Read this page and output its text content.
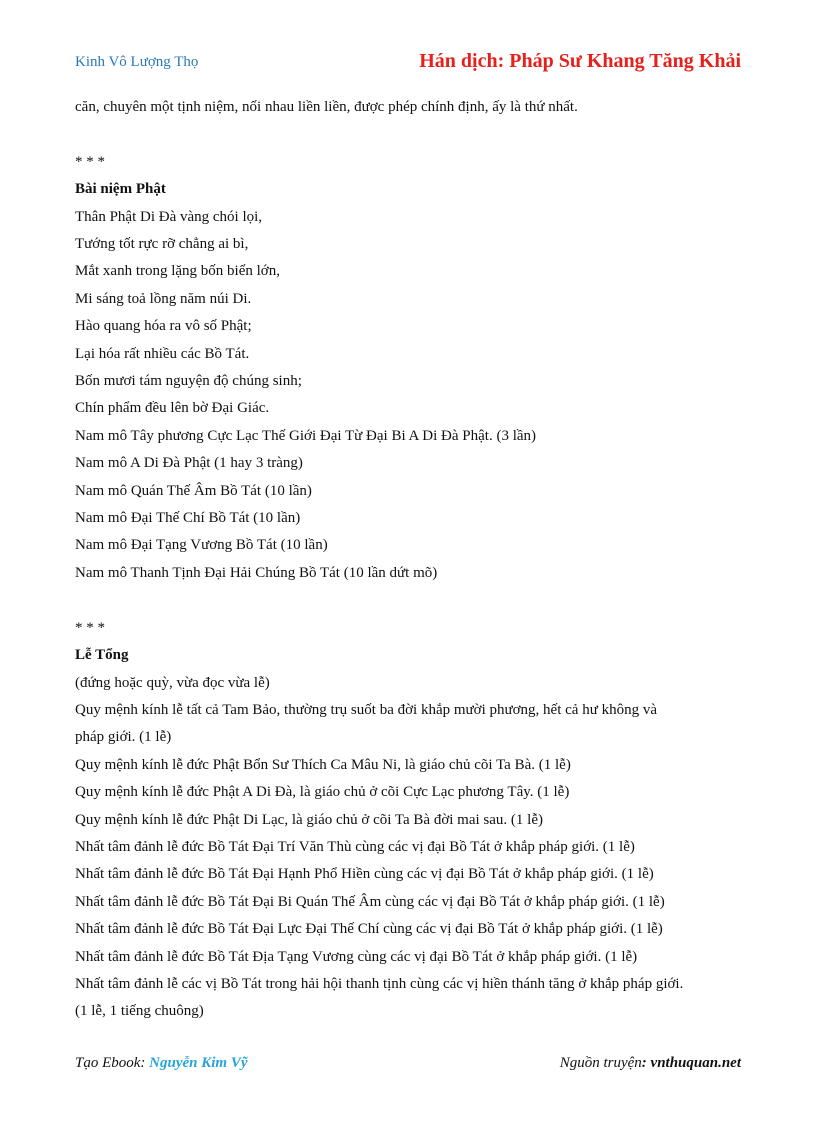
Kinh Vô Lượng Thọ	Hán dịch: Pháp Sư Khang Tăng Khải

căn, chuyên một tịnh niệm, nối nhau liền liền, được phép chính định, ấy là thứ nhất.

* * *

Bài niệm Phật

Thân Phật Di Đà vàng chói lọi,

Tướng tốt rực rỡ chẳng ai bì,

Mắt xanh trong lặng bốn biển lớn,

Mi sáng toả lồng năm núi Di.

Hào quang hóa ra vô số Phật;

Lại hóa rất nhiều các Bồ Tát.

Bốn mươi tám nguyện độ chúng sinh;

Chín phẩm đều lên bờ Đại Giác.

Nam mô Tây phương Cực Lạc Thế Giới Đại Từ Đại Bi A Di Đà Phật. (3 lần)

Nam mô A Di Đà Phật (1 hay 3 tràng)

Nam mô Quán Thế Âm Bồ Tát (10 lần)

Nam mô Đại Thế Chí Bồ Tát (10 lần)

Nam mô Đại Tạng Vương Bồ Tát (10 lần)

Nam mô Thanh Tịnh Đại Hải Chúng Bồ Tát (10 lần dứt mõ)

* * *

Lễ Tổng

(đứng hoặc quỳ, vừa đọc vừa lễ)

Quy mệnh kính lễ tất cả Tam Bảo, thường trụ suốt ba đời khắp mười phương, hết cả hư không và

pháp giới. (1 lễ)

Quy mệnh kính lễ đức Phật Bổn Sư Thích Ca Mâu Ni, là giáo chủ cõi Ta Bà. (1 lễ)

Quy mệnh kính lễ đức Phật A Di Đà, là giáo chủ ở cõi Cực Lạc phương Tây. (1 lễ)

Quy mệnh kính lễ đức Phật Di Lạc, là giáo chủ ở cõi Ta Bà đời mai sau. (1 lễ)

Nhất tâm đảnh lễ đức Bồ Tát Đại Trí Văn Thù cùng các vị đại Bồ Tát ở khắp pháp giới. (1 lễ)

Nhất tâm đảnh lễ đức Bồ Tát Đại Hạnh Phổ Hiền cùng các vị đại Bồ Tát ở khắp pháp giới. (1 lễ)

Nhất tâm đảnh lễ đức Bồ Tát Đại Bi Quán Thế Âm cùng các vị đại Bồ Tát ở khắp pháp giới. (1 lễ)

Nhất tâm đảnh lễ đức Bồ Tát Đại Lực Đại Thế Chí cùng các vị đại Bồ Tát ở khắp pháp giới. (1 lễ)

Nhất tâm đảnh lễ đức Bồ Tát Địa Tạng Vương cùng các vị đại Bồ Tát ở khắp pháp giới. (1 lễ)

Nhất tâm đảnh lễ các vị Bồ Tát trong hải hội thanh tịnh cùng các vị hiền thánh tăng ở khắp pháp giới.

(1 lễ, 1 tiếng chuông)

Tạo Ebook: Nguyễn Kim Vỹ	Nguồn truyện: vnthuquan.net
